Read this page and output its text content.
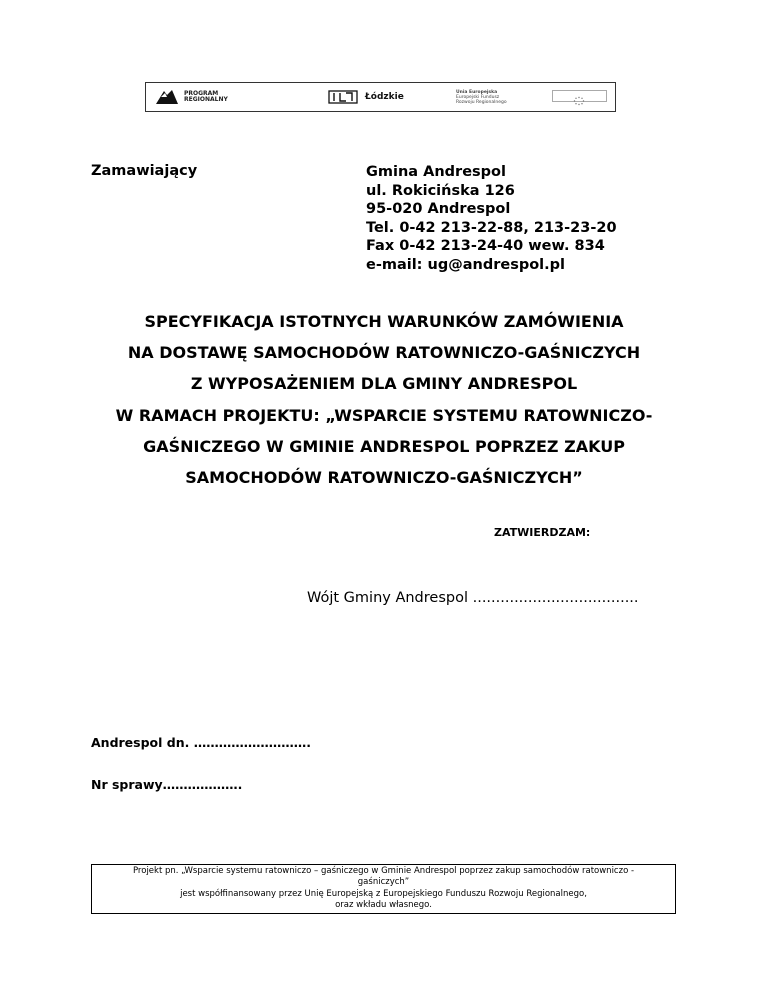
PROGRAM
REGIONALNY	Łódzkie	Unia Europejska
Europejski Fundusz
Rozwoju Regionalnego
Zamawiający	Gmina Andrespol
ul. Rokicińska 126
95-020 Andrespol
Tel. 0-42 213-22-88, 213-23-20
Fax 0-42 213-24-40 wew. 834
e-mail: ug@andrespol.pl
SPECYFIKACJA ISTOTNYCH WARUNKÓW ZAMÓWIENIA
NA DOSTAWĘ SAMOCHODÓW RATOWNICZO-GAŚNICZYCH
Z WYPOSAŻENIEM DLA GMINY ANDRESPOL
W RAMACH PROJEKTU: „WSPARCIE SYSTEMU RATOWNICZO-
GAŚNICZEGO W GMINIE ANDRESPOL POPRZEZ ZAKUP
SAMOCHODÓW RATOWNICZO-GAŚNICZYCH”
ZATWIERDZAM:
Wójt Gminy Andrespol ....................................
Andrespol dn. ……………………….
Nr sprawy……………….
Projekt pn. „Wsparcie systemu ratowniczo – gaśniczego w Gminie Andrespol poprzez zakup samochodów ratowniczo -
gaśniczych”
jest współfinansowany przez Unię Europejską z Europejskiego Funduszu Rozwoju Regionalnego,
oraz wkładu własnego.
